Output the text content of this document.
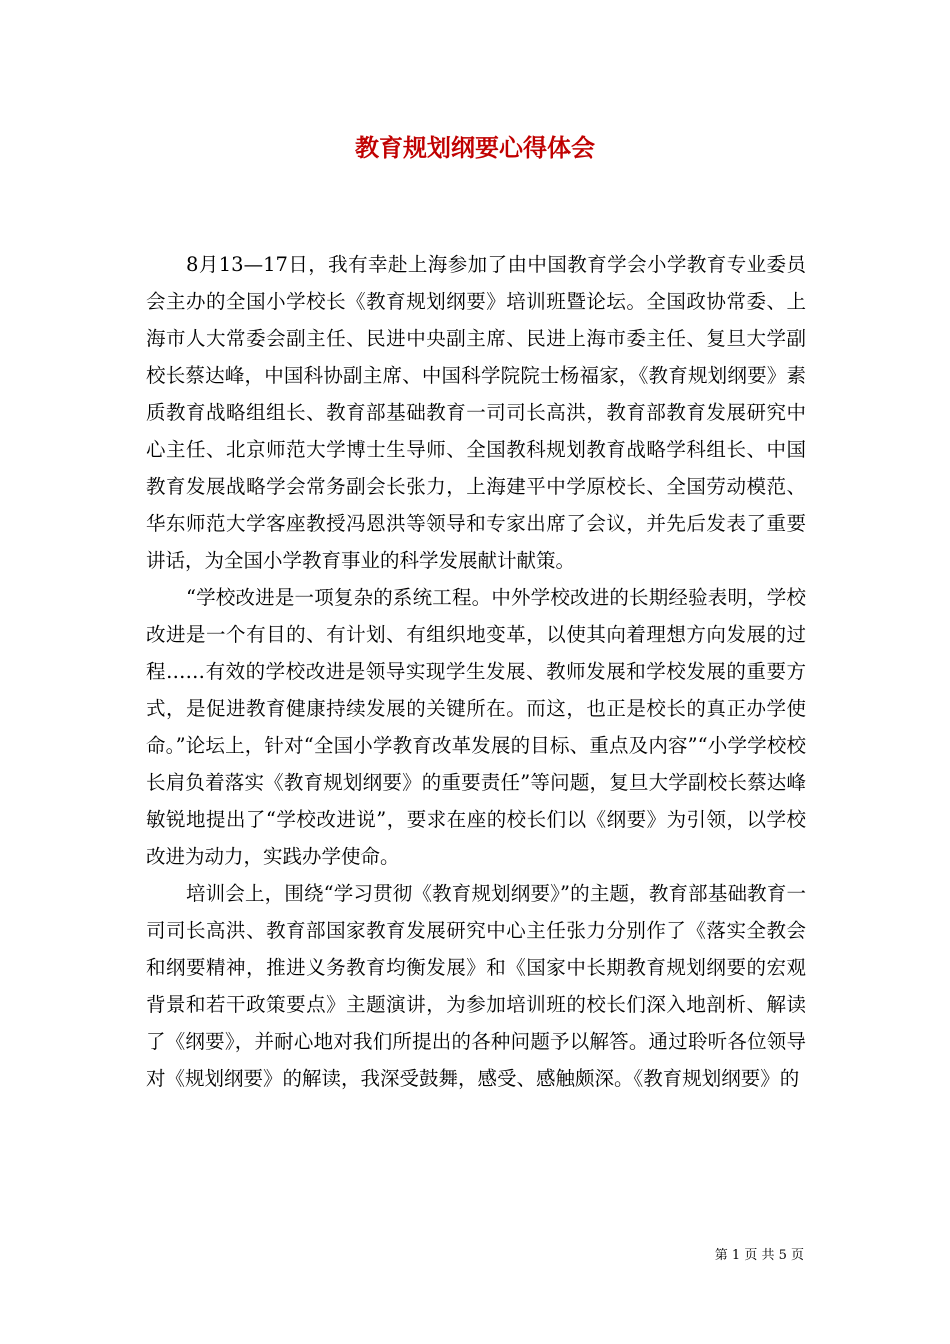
教育规划纲要心得体会

8月13—17日，我有幸赴上海参加了由中国教育学会小学教育专业委员会主办的全国小学校长《教育规划纲要》培训班暨论坛。全国政协常委、上海市人大常委会副主任、民进中央副主席、民进上海市委主任、复旦大学副校长蔡达峰，中国科协副主席、中国科学院院士杨福家，《教育规划纲要》素质教育战略组组长、教育部基础教育一司司长高洪，教育部教育发展研究中心主任、北京师范大学博士生导师、全国教科规划教育战略学科组长、中国教育发展战略学会常务副会长张力，上海建平中学原校长、全国劳动模范、华东师范大学客座教授冯恩洪等领导和专家出席了会议，并先后发表了重要讲话，为全国小学教育事业的科学发展献计献策。

“学校改进是一项复杂的系统工程。中外学校改进的长期经验表明，学校改进是一个有目的、有计划、有组织地变革，以使其向着理想方向发展的过程……有效的学校改进是领导实现学生发展、教师发展和学校发展的重要方式，是促进教育健康持续发展的关键所在。而这，也正是校长的真正办学使命。”论坛上，针对“全国小学教育改革发展的目标、重点及内容”“小学学校校长肩负着落实《教育规划纲要》的重要责任”等问题，复旦大学副校长蔡达峰敏锐地提出了“学校改进说”，要求在座的校长们以《纲要》为引领，以学校改进为动力，实践办学使命。

培训会上，围绕“学习贯彻《教育规划纲要》”的主题，教育部基础教育一司司长高洪、教育部国家教育发展研究中心主任张力分别作了《落实全教会和纲要精神，推进义务教育均衡发展》和《国家中长期教育规划纲要的宏观背景和若干政策要点》主题演讲，为参加培训班的校长们深入地剖析、解读了《纲要》，并耐心地对我们所提出的各种问题予以解答。通过聆听各位领导对《规划纲要》的解读，我深受鼓舞，感受、感触颇深。《教育规划纲要》的

第 1 页 共 5 页
